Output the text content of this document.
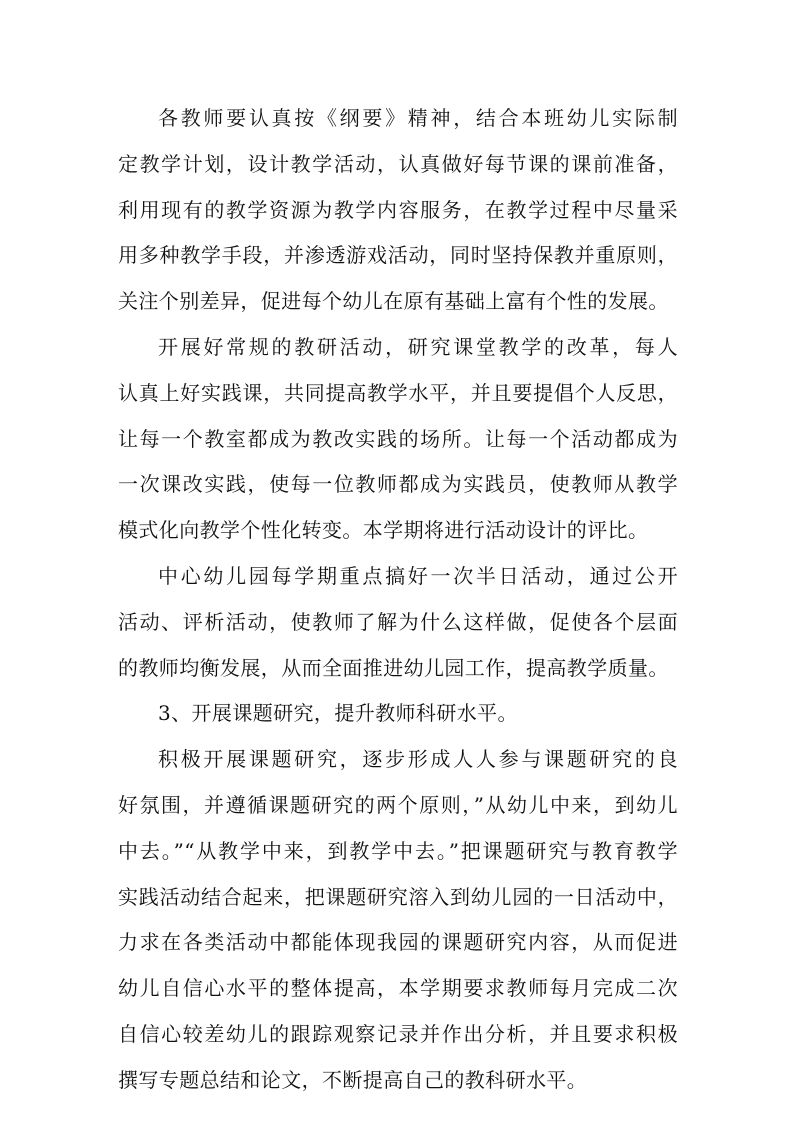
各教师要认真按《纲要》精神，结合本班幼儿实际制
定教学计划，设计教学活动，认真做好每节课的课前准备，
利用现有的教学资源为教学内容服务，在教学过程中尽量采
用多种教学手段，并渗透游戏活动，同时坚持保教并重原则，
关注个别差异，促进每个幼儿在原有基础上富有个性的发展。
开展好常规的教研活动，研究课堂教学的改革，每人
认真上好实践课，共同提高教学水平，并且要提倡个人反思，
让每一个教室都成为教改实践的场所。让每一个活动都成为
一次课改实践，使每一位教师都成为实践员，使教师从教学
模式化向教学个性化转变。本学期将进行活动设计的评比。
中心幼儿园每学期重点搞好一次半日活动，通过公开
活动、评析活动，使教师了解为什么这样做，促使各个层面
的教师均衡发展，从而全面推进幼儿园工作，提高教学质量。
3、开展课题研究，提升教师科研水平。
积极开展课题研究，逐步形成人人参与课题研究的良
好氛围，并遵循课题研究的两个原则，”从幼儿中来，到幼儿
中去。”“从教学中来，到教学中去。”把课题研究与教育教学
实践活动结合起来，把课题研究溶入到幼儿园的一日活动中，
力求在各类活动中都能体现我园的课题研究内容，从而促进
幼儿自信心水平的整体提高，本学期要求教师每月完成二次
自信心较差幼儿的跟踪观察记录并作出分析，并且要求积极
撰写专题总结和论文，不断提高自己的教科研水平。
